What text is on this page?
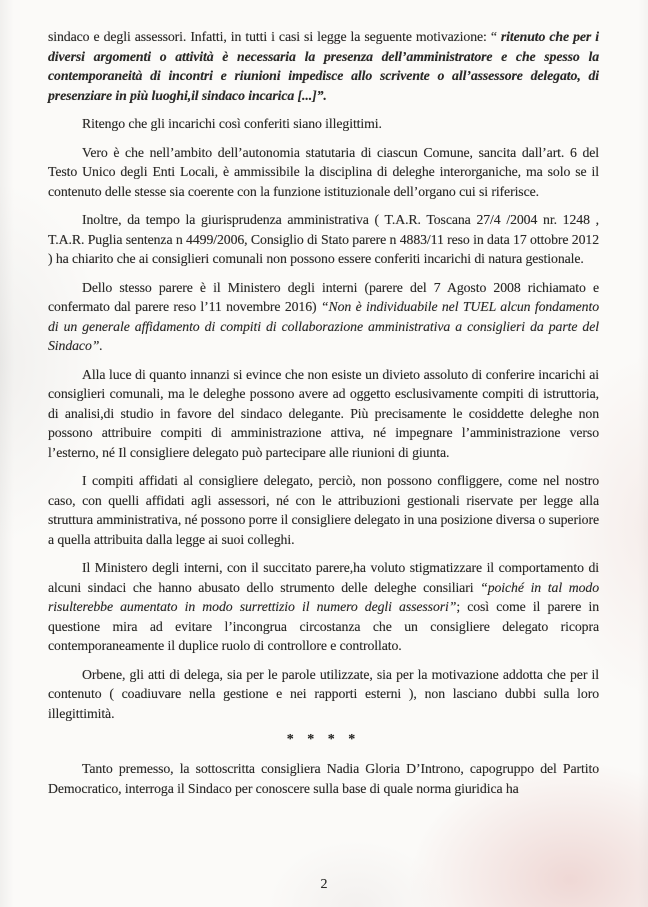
sindaco e degli assessori. Infatti, in tutti i casi si legge la seguente motivazione: “ ritenuto che per i diversi argomenti o attività è necessaria la presenza dell’amministratore e che spesso la contemporaneità di incontri e riunioni impedisce allo scrivente o all’assessore delegato, di presenziare in più luoghi,il sindaco incarica [...]”.

Ritengo che gli incarichi così conferiti siano illegittimi.

Vero è che nell’ambito dell’autonomia statutaria di ciascun Comune, sancita dall’art. 6 del Testo Unico degli Enti Locali, è ammissibile la disciplina di deleghe interorganiche, ma solo se il contenuto delle stesse sia coerente con la funzione istituzionale dell’organo cui si riferisce.

Inoltre, da tempo la giurisprudenza amministrativa ( T.A.R. Toscana 27/4 /2004 nr. 1248 , T.A.R. Puglia sentenza n 4499/2006, Consiglio di Stato parere n 4883/11 reso in data 17 ottobre 2012 ) ha chiarito che ai consiglieri comunali non possono essere conferiti incarichi di natura gestionale.

Dello stesso parere è il Ministero degli interni (parere del 7 Agosto 2008 richiamato e confermato dal parere reso l’11 novembre 2016) “Non è individuabile nel TUEL alcun fondamento di un generale affidamento di compiti di collaborazione amministrativa a consiglieri da parte del Sindaco”.

Alla luce di quanto innanzi si evince che non esiste un divieto assoluto di conferire incarichi ai consiglieri comunali, ma le deleghe possono avere ad oggetto esclusivamente compiti di istruttoria, di analisi,di studio in favore del sindaco delegante. Più precisamente le cosiddette deleghe non possono attribuire compiti di amministrazione attiva, né impegnare l’amministrazione verso l’esterno, né Il consigliere delegato può partecipare alle riunioni di giunta.

I compiti affidati al consigliere delegato, perciò, non possono confliggere, come nel nostro caso, con quelli affidati agli assessori, né con le attribuzioni gestionali riservate per legge alla struttura amministrativa, né possono porre il consigliere delegato in una posizione diversa o superiore a quella attribuita dalla legge ai suoi colleghi.

Il Ministero degli interni, con il succitato parere,ha voluto stigmatizzare il comportamento di alcuni sindaci che hanno abusato dello strumento delle deleghe consiliari “poiché in tal modo risulterebbe aumentato in modo surrettizio il numero degli assessori”; così come il parere in questione mira ad evitare l’incongrua circostanza che un consigliere delegato ricopra contemporaneamente il duplice ruolo di controllore e controllato.

Orbene, gli atti di delega, sia per le parole utilizzate, sia per la motivazione addotta che per il contenuto ( coadiuvare nella gestione e nei rapporti esterni ), non lasciano dubbi sulla loro illegittimità.

* * * *

Tanto premesso, la sottoscritta consigliera Nadia Gloria D’Introno, capogruppo del Partito Democratico, interroga il Sindaco per conoscere sulla base di quale norma giuridica ha

2
